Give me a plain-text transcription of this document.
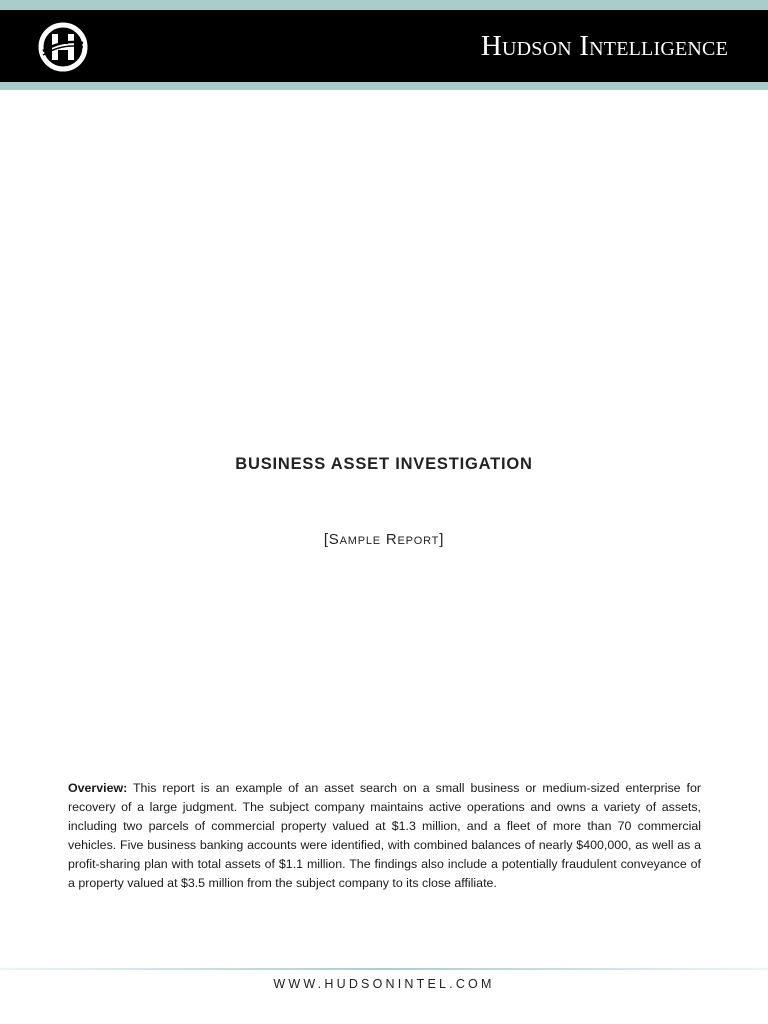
Hudson Intelligence
BUSINESS ASSET INVESTIGATION
[Sample Report]
Overview: This report is an example of an asset search on a small business or medium-sized enterprise for recovery of a large judgment. The subject company maintains active operations and owns a variety of assets, including two parcels of commercial property valued at $1.3 million, and a fleet of more than 70 commercial vehicles. Five business banking accounts were identified, with combined balances of nearly $400,000, as well as a profit-sharing plan with total assets of $1.1 million. The findings also include a potentially fraudulent conveyance of a property valued at $3.5 million from the subject company to its close affiliate.
WWW.HUDSONINTEL.COM
